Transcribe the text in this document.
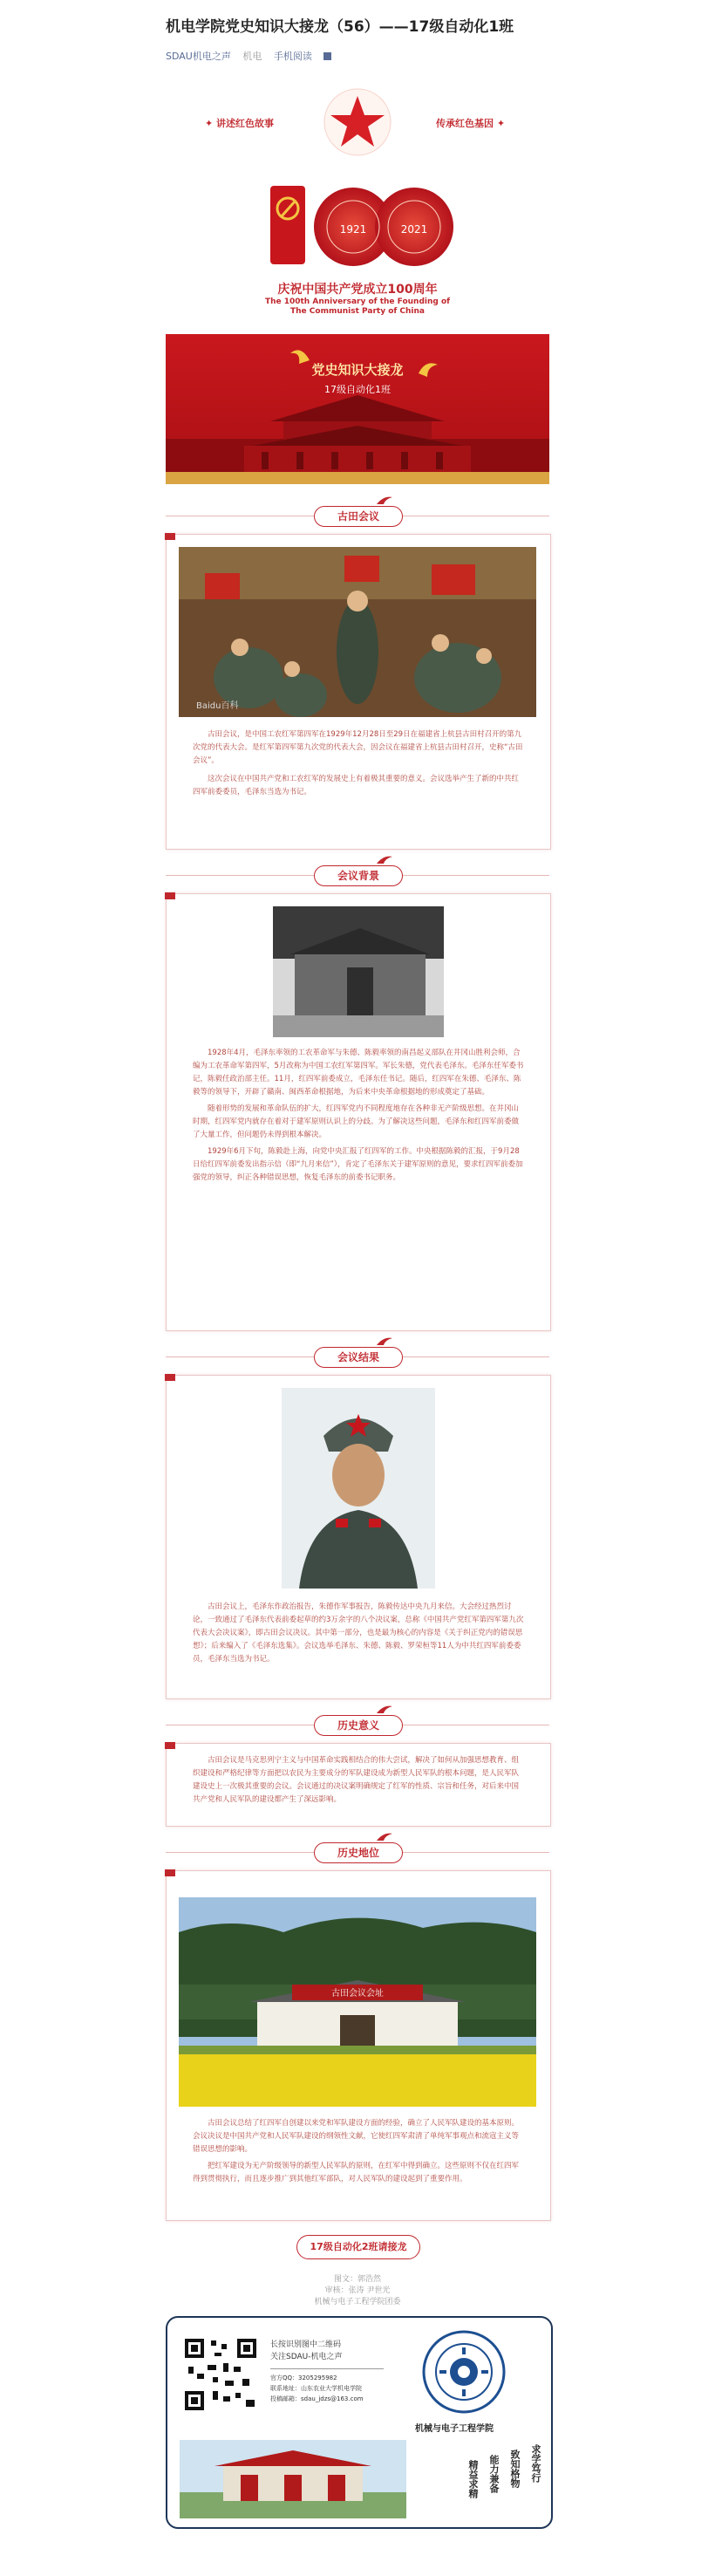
机电学院党史知识大接龙（56）——17级自动化1班
SDAU机电之声 机电 手机阅读
✦ 讲述红色故事	传承红色基因 ✦
1921	2021
庆祝中国共产党成立100周年
The 100th Anniversary of the Founding of
The Communist Party of China
党史知识大接龙
17级自动化1班
古田会议
Baidu百科

古田会议，是中国工农红军第四军在1929年12月28日至29日在福建省上杭县古田村召开的第九次党的代表大会。是红军第四军第九次党的代表大会，因会议在福建省上杭县古田村召开，史称“古田会议”。

这次会议在中国共产党和工农红军的发展史上有着极其重要的意义。会议选举产生了新的中共红四军前委委员，毛泽东当选为书记。

会议背景

1928年4月，毛泽东率领的工农革命军与朱德、陈毅率领的南昌起义部队在井冈山胜利会师，合编为工农革命军第四军，5月改称为中国工农红军第四军。军长朱德，党代表毛泽东。毛泽东任军委书记，陈毅任政治部主任。11月，红四军前委成立，毛泽东任书记。随后，红四军在朱德、毛泽东、陈毅等的领导下，开辟了赣南、闽西革命根据地，为后来中央革命根据地的形成奠定了基础。

随着形势的发展和革命队伍的扩大，红四军党内不同程度地存在各种非无产阶级思想。在井冈山时期，红四军党内就存在着对于建军原则认识上的分歧。为了解决这些问题，毛泽东和红四军前委做了大量工作，但问题仍未得到根本解决。

1929年6月下旬，陈毅赴上海，向党中央汇报了红四军的工作。中央根据陈毅的汇报，于9月28日给红四军前委发出指示信（即“九月来信”），肯定了毛泽东关于建军原则的意见，要求红四军前委加强党的领导，纠正各种错误思想，恢复毛泽东的前委书记职务。

会议结果

古田会议上，毛泽东作政治报告，朱德作军事报告，陈毅传达中央九月来信。大会经过热烈讨论，一致通过了毛泽东代表前委起草的约3万余字的八个决议案，总称《中国共产党红军第四军第九次代表大会决议案》，即古田会议决议。其中第一部分，也是最为核心的内容是《关于纠正党内的错误思想》；后来编入了《毛泽东选集》。会议选举毛泽东、朱德、陈毅、罗荣桓等11人为中共红四军前委委员，毛泽东当选为书记。

历史意义

古田会议是马克思列宁主义与中国革命实践相结合的伟大尝试，解决了如何从加强思想教育、组织建设和严格纪律等方面把以农民为主要成分的军队建设成为新型人民军队的根本问题，是人民军队建设史上一次极其重要的会议。会议通过的决议案明确规定了红军的性质、宗旨和任务，对后来中国共产党和人民军队的建设都产生了深远影响。

历史地位
古田会议会址

古田会议总结了红四军自创建以来党和军队建设方面的经验，确立了人民军队建设的基本原则。会议决议是中国共产党和人民军队建设的纲领性文献，它使红四军肃清了单纯军事观点和流寇主义等错误思想的影响。

把红军建设为无产阶级领导的新型人民军队的原则，在红军中得到确立。这些原则不仅在红四军得到贯彻执行，而且逐步推广到其他红军部队，对人民军队的建设起到了重要作用。

17级自动化2班请接龙
图文：郭浩然
审核：张涛 尹世光
机械与电子工程学院团委
长按识别图中二维码
关注SDAU-机电之声
官方QQ：3205295982
联系地址：山东农业大学机电学院
投稿邮箱：sdau_jdzs@163.com
机械与电子工程学院
求学笃行
致知格物
能力兼备
精益求精
